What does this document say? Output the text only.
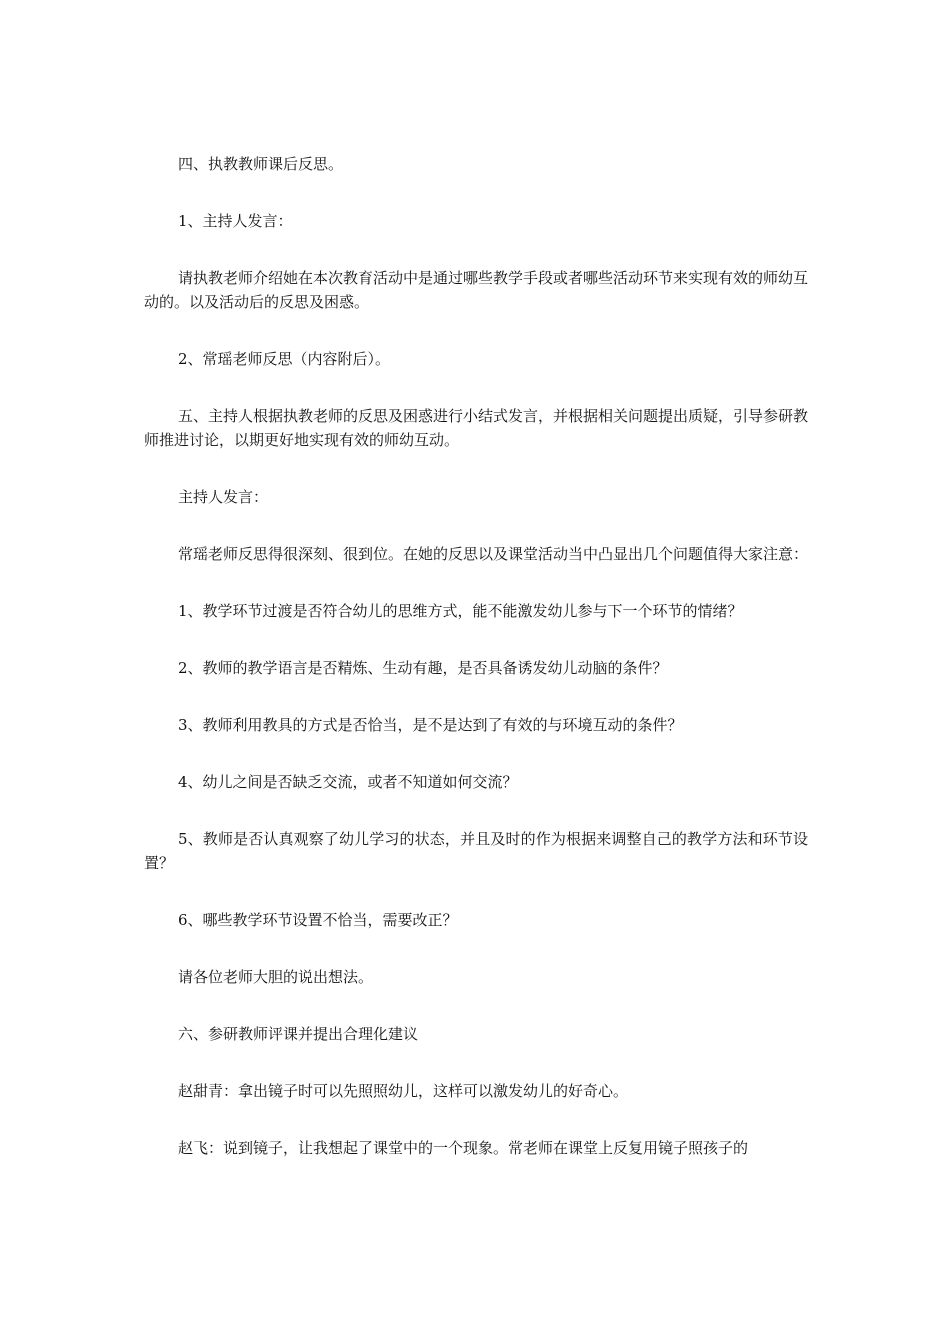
四、执教教师课后反思。

1、主持人发言：

请执教老师介绍她在本次教育活动中是通过哪些教学手段或者哪些活动环节来实现有效的师幼互动的。以及活动后的反思及困惑。

2、常瑶老师反思（内容附后）。

五、主持人根据执教老师的反思及困惑进行小结式发言，并根据相关问题提出质疑，引导参研教师推进讨论，以期更好地实现有效的师幼互动。

主持人发言：

常瑶老师反思得很深刻、很到位。在她的反思以及课堂活动当中凸显出几个问题值得大家注意：

1、教学环节过渡是否符合幼儿的思维方式，能不能激发幼儿参与下一个环节的情绪？

2、教师的教学语言是否精炼、生动有趣，是否具备诱发幼儿动脑的条件？

3、教师利用教具的方式是否恰当，是不是达到了有效的与环境互动的条件？

4、幼儿之间是否缺乏交流，或者不知道如何交流？

5、教师是否认真观察了幼儿学习的状态，并且及时的作为根据来调整自己的教学方法和环节设置？

6、哪些教学环节设置不恰当，需要改正？

请各位老师大胆的说出想法。

六、参研教师评课并提出合理化建议

赵甜青：拿出镜子时可以先照照幼儿，这样可以激发幼儿的好奇心。

赵飞：说到镜子，让我想起了课堂中的一个现象。常老师在课堂上反复用镜子照孩子的
